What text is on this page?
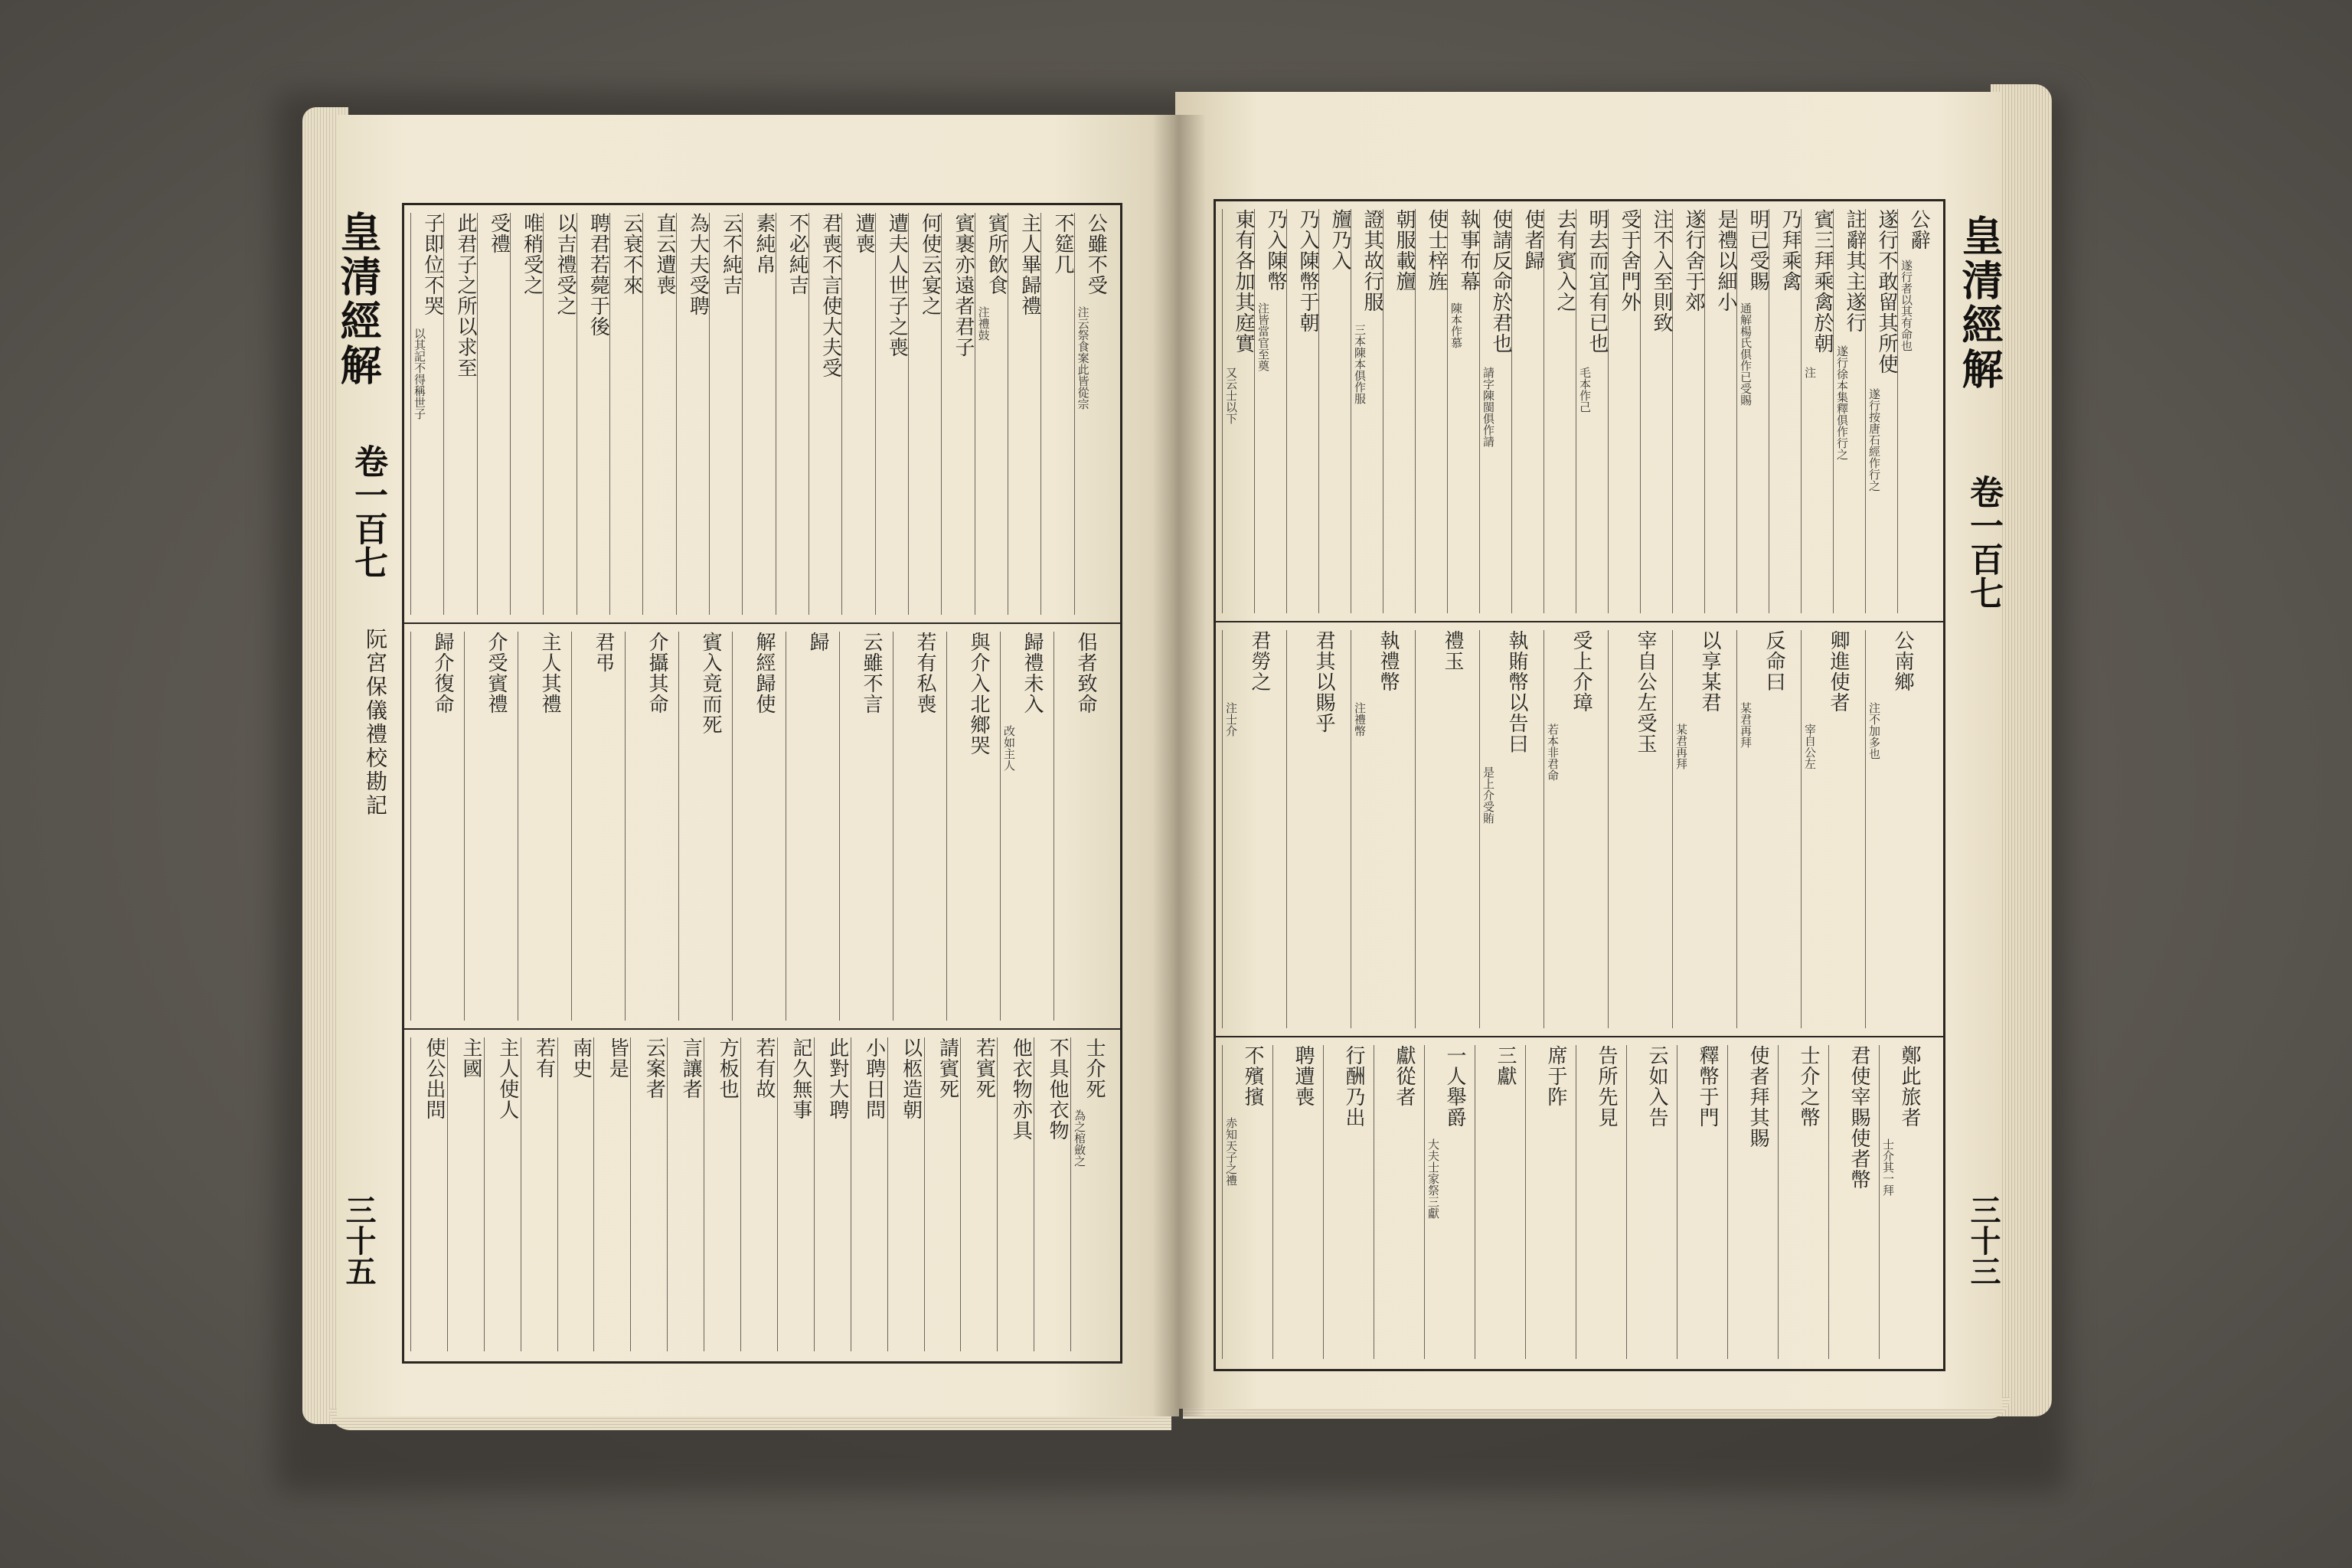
公雖不受
注云祭食案此皆從宗
不筵几
主人畢歸禮
賓所飲食
注禮鼓
賓裹亦遠者君子
何使云宴之
遭夫人世子之喪
遭喪
君喪不言使大夫受
不必純吉
素純帛
云不純吉
為大夫受聘
直云遭喪
云衰不來
聘君若薨于後
以吉禮受之
唯稍受之
受禮
此君子之所以求至
子即位不哭
以其記不得稱世子
佀者致命
歸禮未入
改如主人
與介入北鄉哭
若有私喪
云雖不言
歸
解經歸使
賓入竟而死
介攝其命
君弔
主人其禮
介受賓禮
歸介復命
士介死
為之棺斂之
不具他衣物
他衣物亦具
若賓死
請賓死
以柩造朝
小聘日問
此對大聘
記久無事
若有故
方板也
言讓者
云案者
皆是
南史
若有
主人使人
主國
使公出問
皇清經解
卷一百七
阮宮保儀禮校勘記
三十五
公辭
遂行者以其有命也
遂行不敢留其所使
遂行按唐石經作行之
註辭其主遂行
遂行徐本集釋俱作行之
賓三拜乘禽於朝
注
乃拜乘禽
明已受賜
通解楊氏俱作已受賜
是禮以細小
遂行舍于郊
注不入至則致
受于舍門外
明去而宜有已也
毛本作己
去有賓入之
使者歸
使請反命於君也
請字陳閩俱作請
執事布幕
陳本作慕
使士梓旌
朝服載旜
證其故行服
三本陳本俱作服
旜乃入
乃入陳幣于朝
乃入陳幣
注皆當官至奠
東有各加其庭實
又云士以下
公南鄉
注不加多也
卿進使者
宰自公左
反命曰
某君再拜
以享某君
某君再拜
宰自公左受玉
受上介璋
若本非君命
執賄幣以告曰
是上介受賄
禮玉
執禮幣
注禮幣
君其以賜乎
君勞之
注士介
鄭此旅者
士介其一拜
君使宰賜使者幣
士介之幣
使者拜其賜
釋幣于門
云如入告
告所先見
席于阼
三獻
一人舉爵
大夫士家祭三獻
獻從者
行酬乃出
聘遭喪
不殯擯
赤知天子之禮
皇清經解
卷一百七
三十三
